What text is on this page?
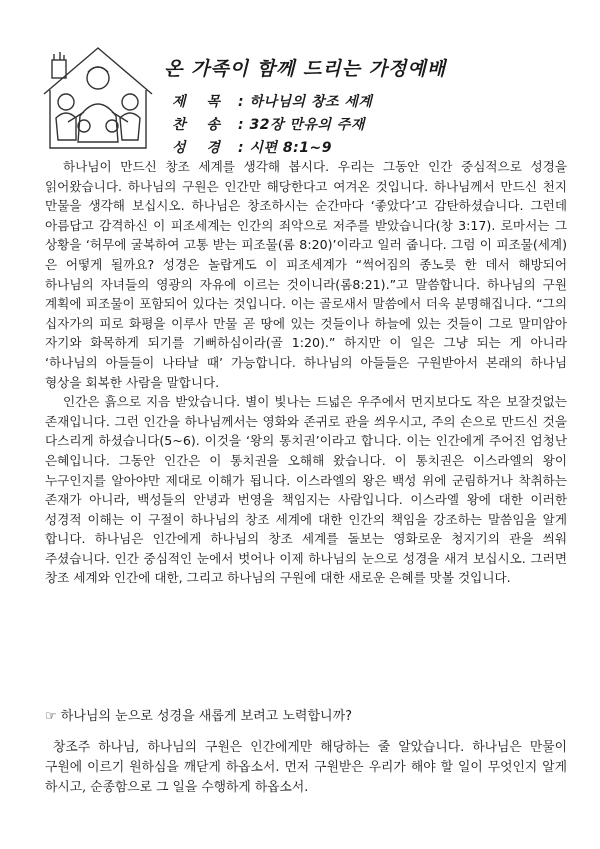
온 가족이 함께 드리는 가정예배
제 목 : 하나님의 창조 세계
찬 송 : 32장 만유의 주재
성 경 : 시편 8:1~9

하나님이 만드신 창조 세계를 생각해 봅시다. 우리는 그동안 인간 중심적으로 성경을 읽어왔습니다. 하나님의 구원은 인간만 해당한다고 여겨온 것입니다. 하나님께서 만드신 천지 만물을 생각해 보십시오. 하나님은 창조하시는 순간마다 ‘좋았다’고 감탄하셨습니다. 그런데 아름답고 감격하신 이 피조세계는 인간의 죄악으로 저주를 받았습니다(창 3:17). 로마서는 그 상황을 ‘허무에 굴복하여 고통 받는 피조물(롬 8:20)’이라고 일러 줍니다. 그럼 이 피조물(세계)은 어떻게 될까요? 성경은 놀랍게도 이 피조세계가 “썩어짐의 종노릇 한 데서 해방되어 하나님의 자녀들의 영광의 자유에 이르는 것이니라(롬8:21).”고 말씀합니다. 하나님의 구원 계획에 피조물이 포함되어 있다는 것입니다. 이는 골로새서 말씀에서 더욱 분명해집니다. “그의 십자가의 피로 화평을 이루사 만물 곧 땅에 있는 것들이나 하늘에 있는 것들이 그로 말미암아 자기와 화목하게 되기를 기뻐하심이라(골 1:20).” 하지만 이 일은 그냥 되는 게 아니라 ‘하나님의 아들들이 나타날 때’ 가능합니다. 하나님의 아들들은 구원받아서 본래의 하나님 형상을 회복한 사람을 말합니다.

인간은 흙으로 지음 받았습니다. 별이 빛나는 드넓은 우주에서 먼지보다도 작은 보잘것없는 존재입니다. 그런 인간을 하나님께서는 영화와 존귀로 관을 씌우시고, 주의 손으로 만드신 것을 다스리게 하셨습니다(5~6). 이것을 ‘왕의 통치권’이라고 합니다. 이는 인간에게 주어진 엄청난 은혜입니다. 그동안 인간은 이 통치권을 오해해 왔습니다. 이 통치권은 이스라엘의 왕이 누구인지를 알아야만 제대로 이해가 됩니다. 이스라엘의 왕은 백성 위에 군림하거나 착취하는 존재가 아니라, 백성들의 안녕과 번영을 책임지는 사람입니다. 이스라엘 왕에 대한 이러한 성경적 이해는 이 구절이 하나님의 창조 세계에 대한 인간의 책임을 강조하는 말씀임을 알게 합니다. 하나님은 인간에게 하나님의 창조 세계를 돌보는 영화로운 청지기의 관을 씌워 주셨습니다. 인간 중심적인 눈에서 벗어나 이제 하나님의 눈으로 성경을 새겨 보십시오. 그러면 창조 세계와 인간에 대한, 그리고 하나님의 구원에 대한 새로운 은혜를 맛볼 것입니다.

☞ 하나님의 눈으로 성경을 새롭게 보려고 노력합니까?

창조주 하나님, 하나님의 구원은 인간에게만 해당하는 줄 알았습니다. 하나님은 만물이 구원에 이르기 원하심을 깨닫게 하옵소서. 먼저 구원받은 우리가 해야 할 일이 무엇인지 알게 하시고, 순종함으로 그 일을 수행하게 하옵소서.
